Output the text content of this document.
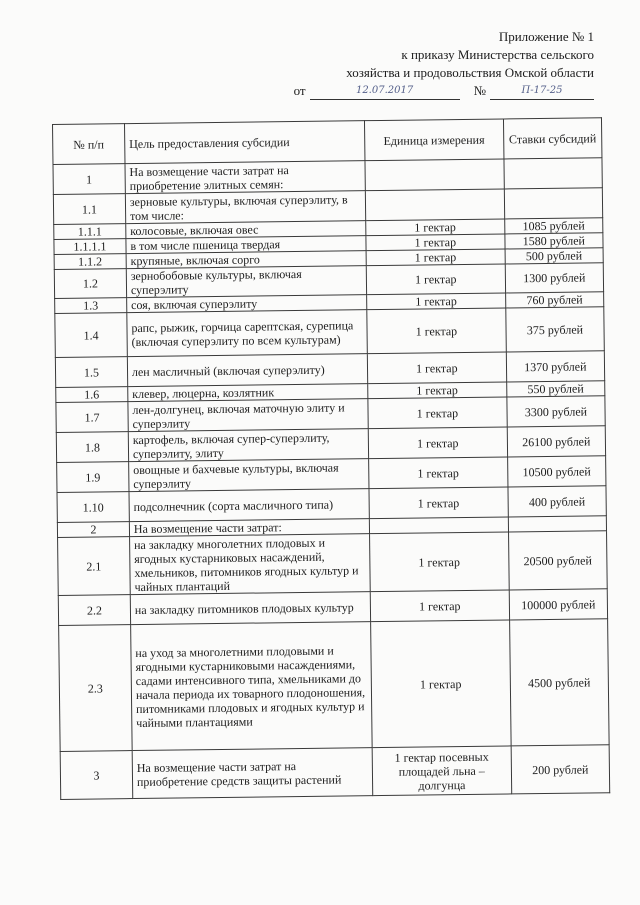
Приложение № 1
к приказу Министерства сельского
хозяйства и продовольствия Омской области
от	12.07.2017	№	П-17-25
№ п/п	Цель предоставления субсидии	Единица измерения	Ставки субсидий
1	На возмещение части затрат на приобретение элитных семян:		
1.1	зерновые культуры, включая суперэлиту, в том числе:		
1.1.1	колосовые, включая овес	1 гектар	1085 рублей
1.1.1.1	в том числе пшеница твердая	1 гектар	1580 рублей
1.1.2	крупяные, включая сорго	1 гектар	500 рублей
1.2	зернобобовые культуры, включая суперэлиту	1 гектар	1300 рублей
1.3	соя, включая суперэлиту	1 гектар	760 рублей
1.4	рапс, рыжик, горчица сарептская, сурепица (включая суперэлиту по всем культурам)	1 гектар	375 рублей
1.5	лен масличный (включая суперэлиту)	1 гектар	1370 рублей
1.6	клевер, люцерна, козлятник	1 гектар	550 рублей
1.7	лен-долгунец, включая маточную элиту и суперэлиту	1 гектар	3300 рублей
1.8	картофель, включая супер-суперэлиту, суперэлиту, элиту	1 гектар	26100 рублей
1.9	овощные и бахчевые культуры, включая суперэлиту	1 гектар	10500 рублей
1.10	подсолнечник (сорта масличного типа)	1 гектар	400 рублей
2	На возмещение части затрат:		
2.1	на закладку многолетних плодовых и ягодных кустарниковых насаждений, хмельников, питомников ягодных культур и чайных плантаций	1 гектар	20500 рублей
2.2	на закладку питомников плодовых культур	1 гектар	100000 рублей
2.3	на уход за многолетними плодовыми и ягодными кустарниковыми насаждениями, садами интенсивного типа, хмельниками до начала периода их товарного плодоношения, питомниками плодовых и ягодных культур и чайными плантациями	1 гектар	4500 рублей
3	На возмещение части затрат на приобретение средств защиты растений	1 гектар посевных площадей льна – долгунца	200 рублей
